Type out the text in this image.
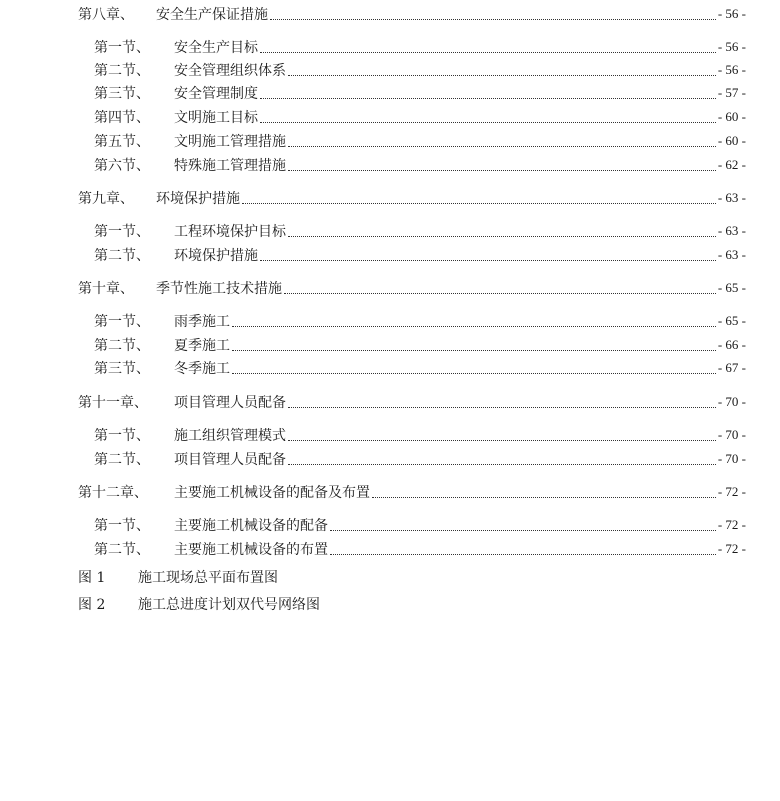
第八章、	安全生产保证措施	- 56 -
第一节、	安全生产目标	- 56 -
第二节、	安全管理组织体系	- 56 -
第三节、	安全管理制度	- 57 -
第四节、	文明施工目标	- 60 -
第五节、	文明施工管理措施	- 60 -
第六节、	特殊施工管理措施	- 62 -
第九章、	环境保护措施	- 63 -
第一节、	工程环境保护目标	- 63 -
第二节、	环境保护措施	- 63 -
第十章、	季节性施工技术措施	- 65 -
第一节、	雨季施工	- 65 -
第二节、	夏季施工	- 66 -
第三节、	冬季施工	- 67 -
第十一章、	项目管理人员配备	- 70 -
第一节、	施工组织管理模式	- 70 -
第二节、	项目管理人员配备	- 70 -
第十二章、	主要施工机械设备的配备及布置	- 72 -
第一节、	主要施工机械设备的配备	- 72 -
第二节、	主要施工机械设备的布置	- 72 -
图 1	施工现场总平面布置图
图 2	施工总进度计划双代号网络图
